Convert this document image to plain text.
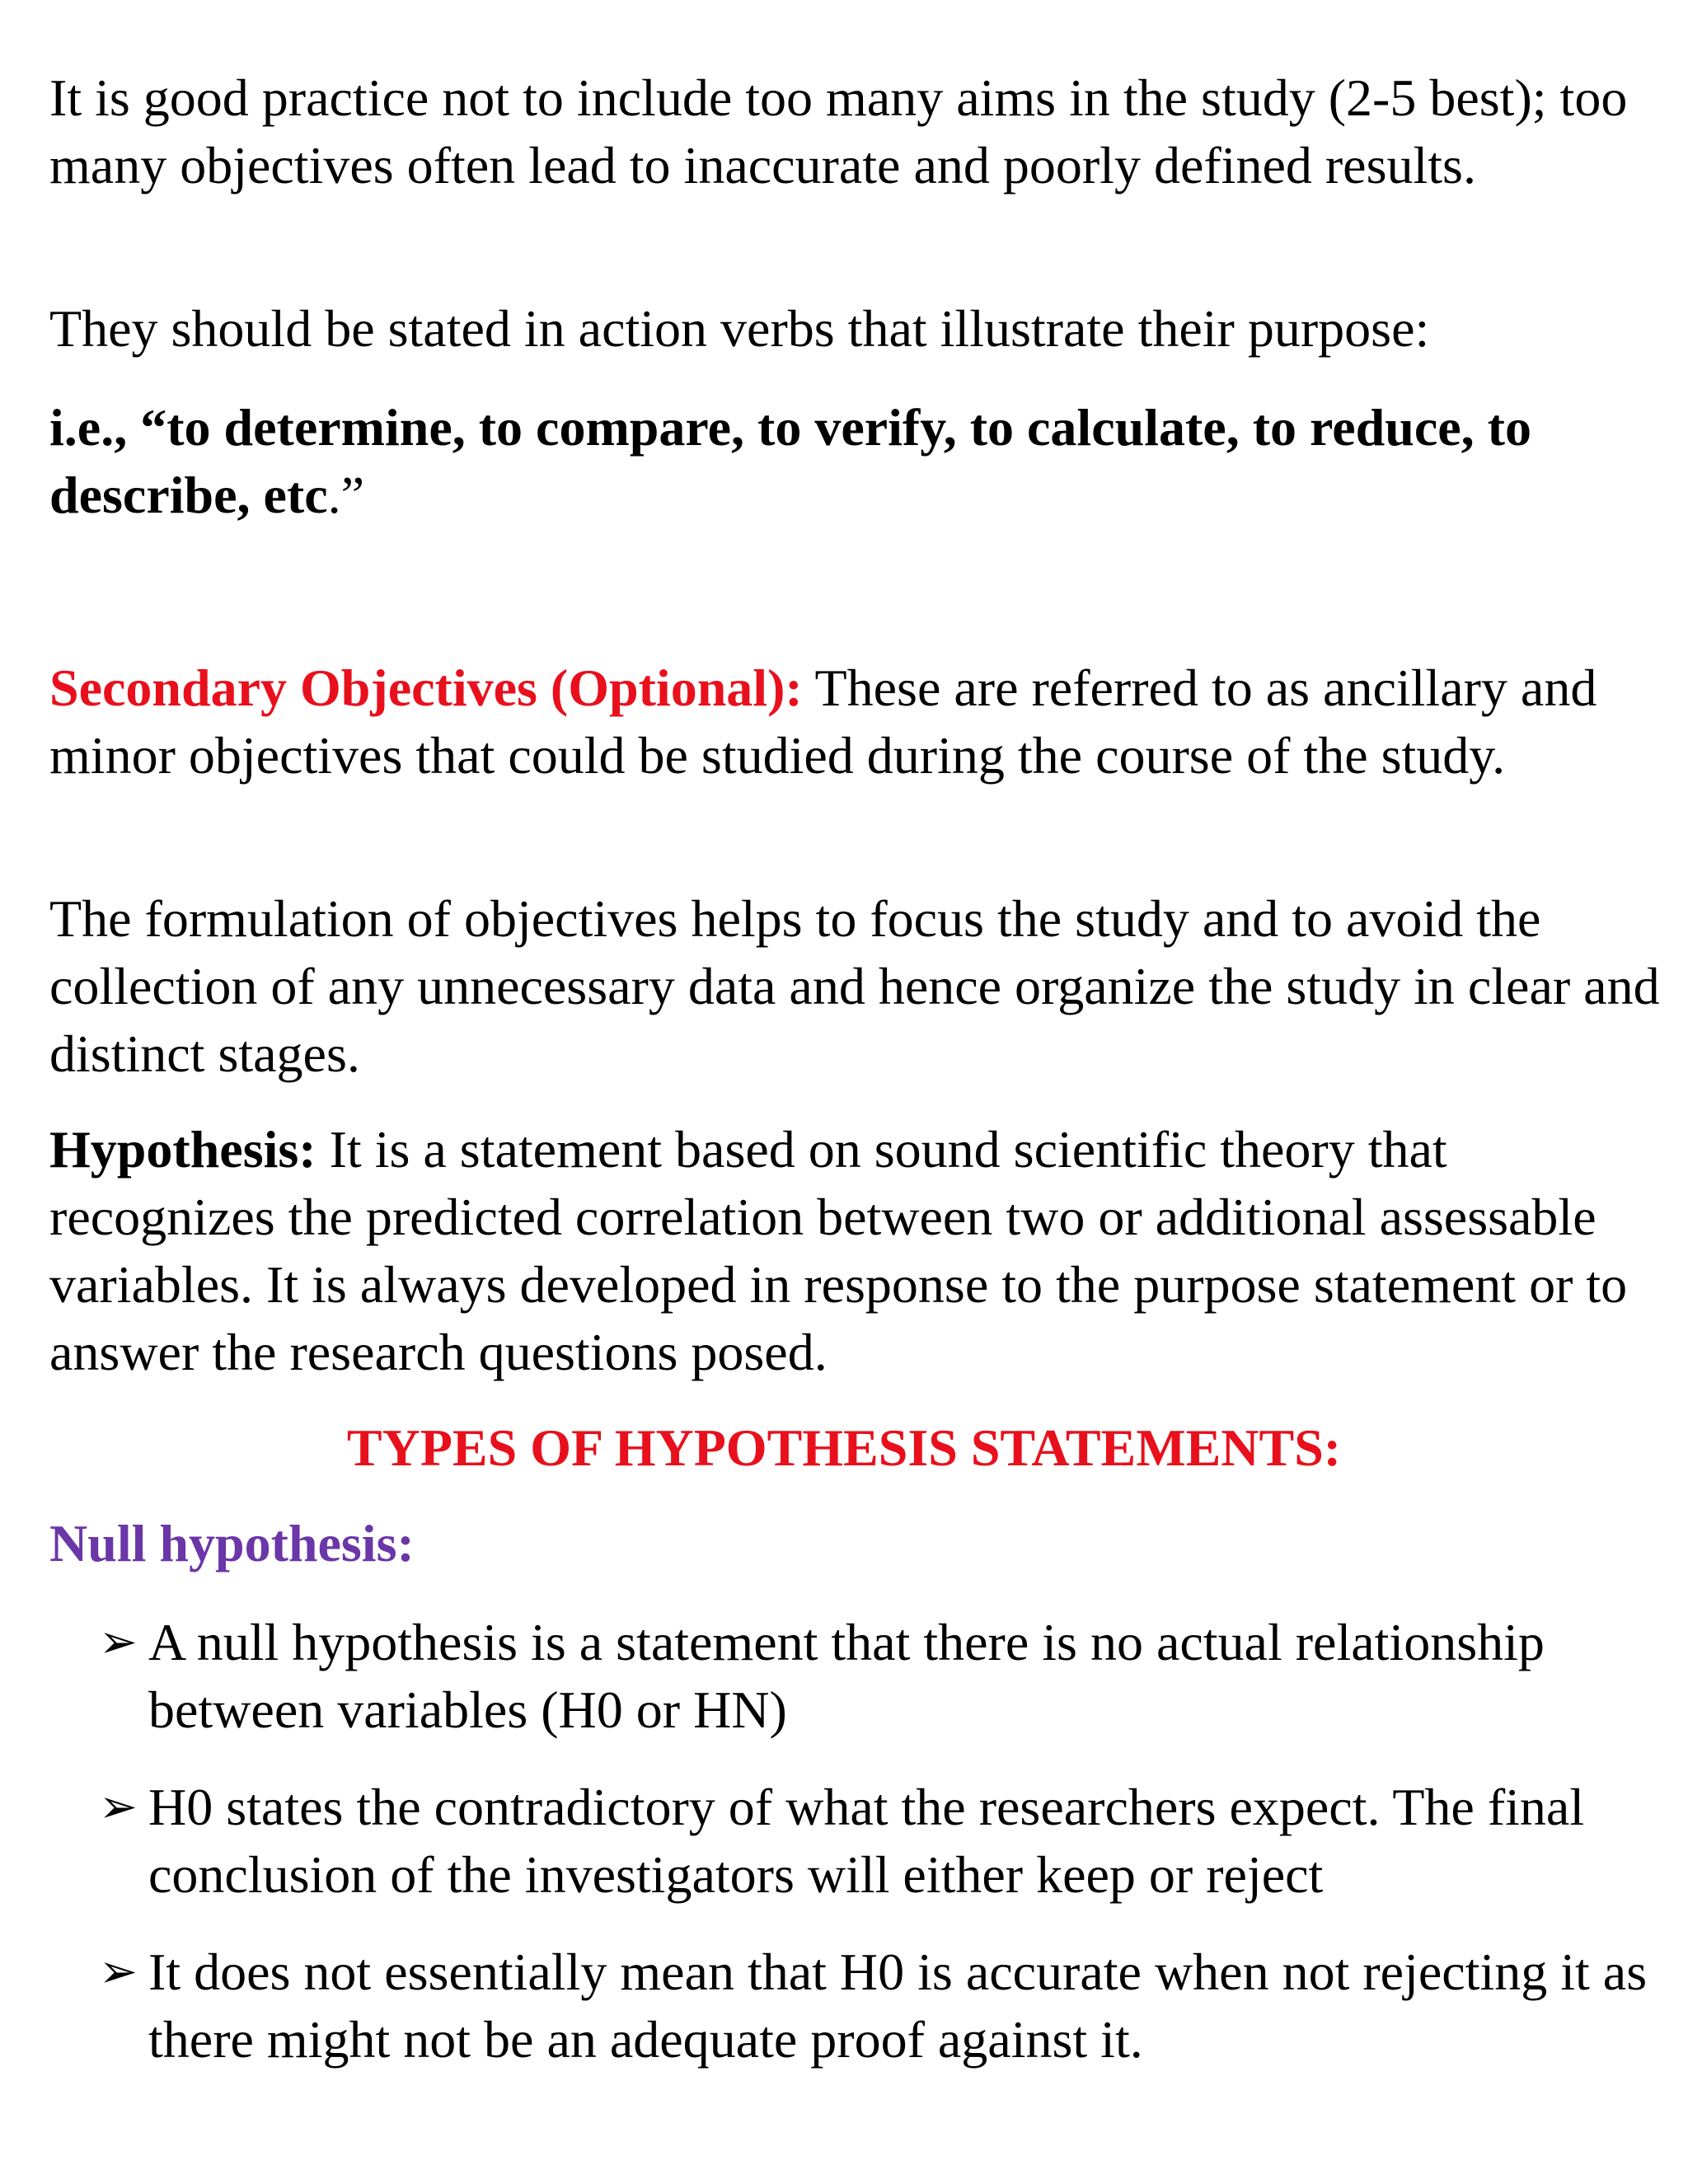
It is good practice not to include too many aims in the study (2-5 best); too many objectives often lead to inaccurate and poorly defined results.

They should be stated in action verbs that illustrate their purpose:

i.e., “to determine, to compare, to verify, to calculate, to reduce, to describe, etc.”

Secondary Objectives (Optional): These are referred to as ancillary and minor objectives that could be studied during the course of the study.

The formulation of objectives helps to focus the study and to avoid the collection of any unnecessary data and hence organize the study in clear and distinct stages.

Hypothesis: It is a statement based on sound scientific theory that recognizes the predicted correlation between two or additional assessable variables. It is always developed in response to the purpose statement or to answer the research questions posed.

TYPES OF HYPOTHESIS STATEMENTS:

Null hypothesis:

➢ A null hypothesis is a statement that there is no actual relationship between variables (H0 or HN)
➢ H0 states the contradictory of what the researchers expect. The final conclusion of the investigators will either keep or reject
➢ It does not essentially mean that H0 is accurate when not rejecting it as there might not be an adequate proof against it.
